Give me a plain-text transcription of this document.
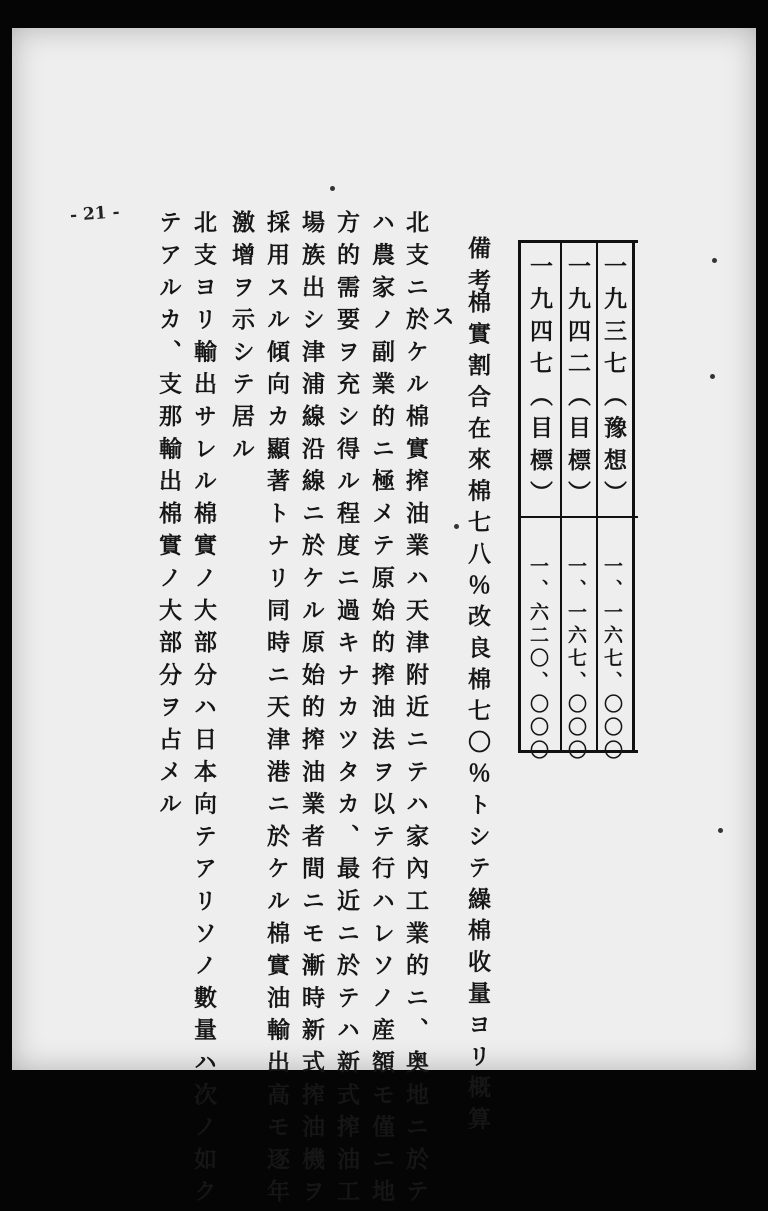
- 21 -
一九三七（豫想）
一九四二（目標）
一九四七（目標）
一、一六七、〇〇〇
一、一六七、〇〇〇
一、六二〇、〇〇〇
備考
棉實割合在來棉七八％改良棉七〇％トシテ繰棉收量ヨリ概算
ス
北支ニ於ケル棉實搾油業ハ天津附近ニテハ家內工業的ニ、奥地ニ於テ
ハ農家ノ副業的ニ極メテ原始的搾油法ヲ以テ行ハレソノ産額モ僅ニ地
方的需要ヲ充シ得ル程度ニ過キナカツタカ、最近ニ於テハ新式搾油工
場族出シ津浦線沿線ニ於ケル原始的搾油業者間ニモ漸時新式搾油機ヲ
採用スル傾向カ顯著トナリ同時ニ天津港ニ於ケル棉實油輸出高モ逐年
激增ヲ示シテ居ル
北支ヨリ輸出サレル棉實ノ大部分ハ日本向テアリソノ數量ハ次ノ如ク
テアルカ、支那輸出棉實ノ大部分ヲ占メル
